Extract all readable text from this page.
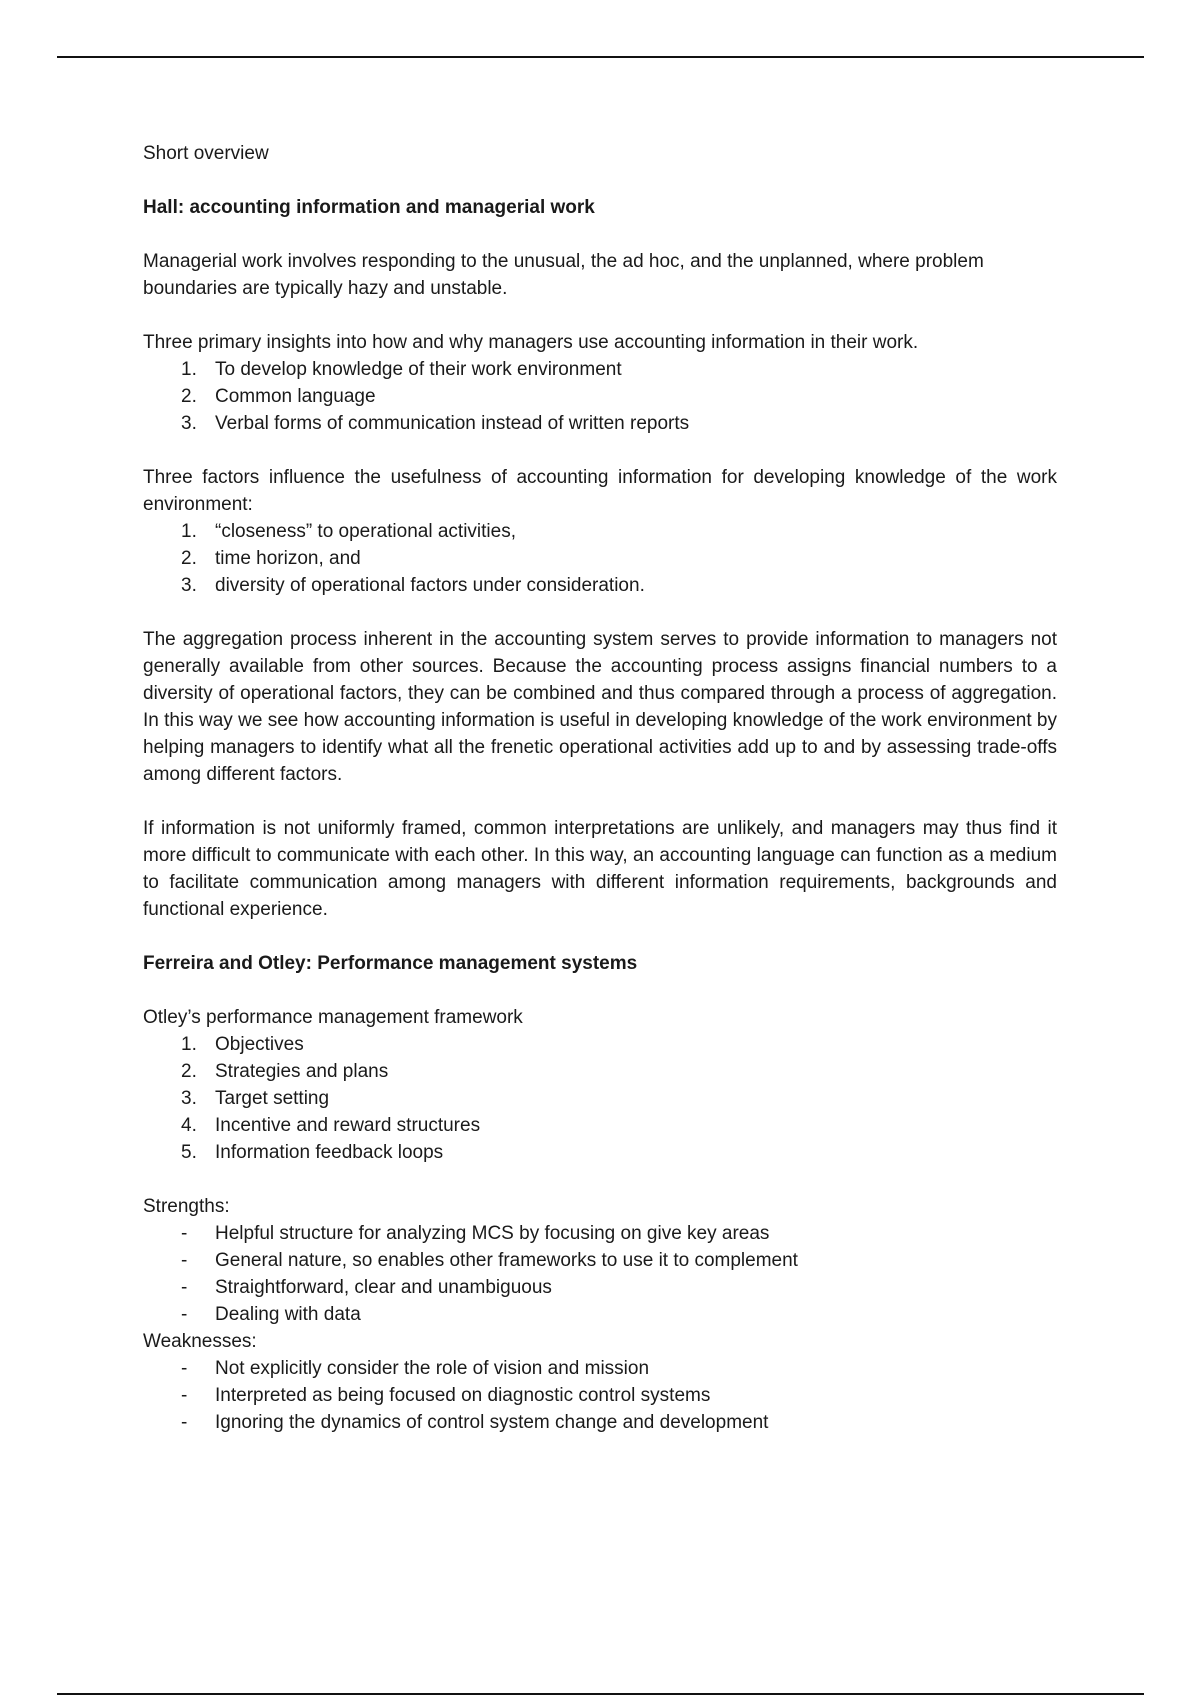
Short overview

Hall: accounting information and managerial work

Managerial work involves responding to the unusual, the ad hoc, and the unplanned, where problem boundaries are typically hazy and unstable.

Three primary insights into how and why managers use accounting information in their work.

1. To develop knowledge of their work environment
2. Common language
3. Verbal forms of communication instead of written reports

Three factors influence the usefulness of accounting information for developing knowledge of the work environment:

1. “closeness” to operational activities,
2. time horizon, and
3. diversity of operational factors under consideration.

The aggregation process inherent in the accounting system serves to provide information to managers not generally available from other sources. Because the accounting process assigns financial numbers to a diversity of operational factors, they can be combined and thus compared through a process of aggregation. In this way we see how accounting information is useful in developing knowledge of the work environment by helping managers to identify what all the frenetic operational activities add up to and by assessing trade-offs among different factors.

If information is not uniformly framed, common interpretations are unlikely, and managers may thus find it more difficult to communicate with each other. In this way, an accounting language can function as a medium to facilitate communication among managers with different information requirements, backgrounds and functional experience.

Ferreira and Otley: Performance management systems

Otley’s performance management framework

1. Objectives
2. Strategies and plans
3. Target setting
4. Incentive and reward structures
5. Information feedback loops

Strengths:

- Helpful structure for analyzing MCS by focusing on give key areas
- General nature, so enables other frameworks to use it to complement
- Straightforward, clear and unambiguous
- Dealing with data

Weaknesses:

- Not explicitly consider the role of vision and mission
- Interpreted as being focused on diagnostic control systems
- Ignoring the dynamics of control system change and development
